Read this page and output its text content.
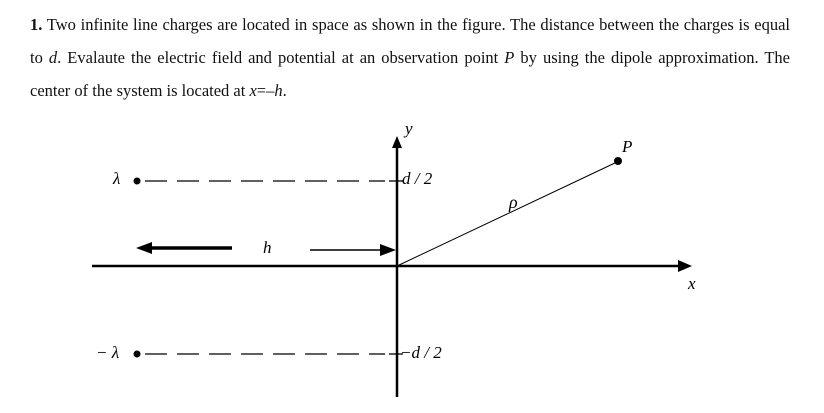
1. Two infinite line charges are located in space as shown in the figure. The distance between the charges is equal to d. Evalaute the electric field and potential at an observation point P by using the dipole approximation. The center of the system is located at x=–h.
x
y
λ	d / 2
− λ	−d / 2
h
P
ρ
